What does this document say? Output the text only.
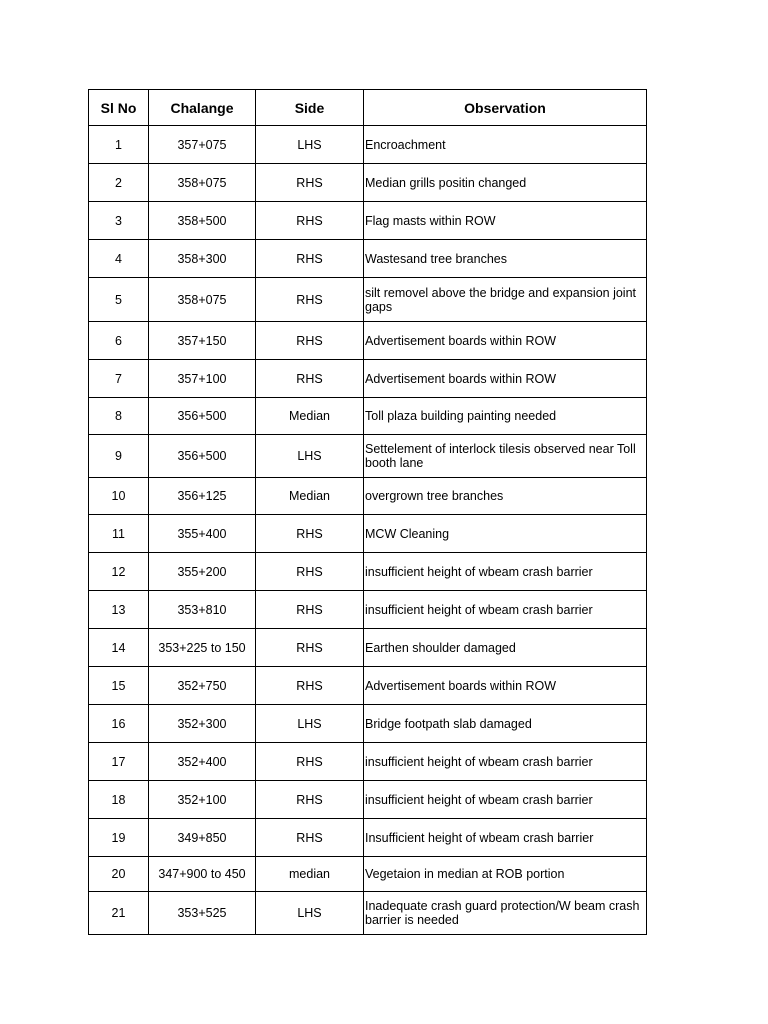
Sl No	Chalange	Side	Observation
1	357+075	LHS	Encroachment
2	358+075	RHS	Median grills positin changed
3	358+500	RHS	Flag masts within ROW
4	358+300	RHS	Wastesand tree branches
5	358+075	RHS	silt removel above the bridge and expansion joint gaps
6	357+150	RHS	Advertisement boards within ROW
7	357+100	RHS	Advertisement boards within ROW
8	356+500	Median	Toll plaza building painting needed
9	356+500	LHS	Settelement of interlock tilesis observed near Toll booth lane
10	356+125	Median	overgrown tree branches
11	355+400	RHS	MCW Cleaning
12	355+200	RHS	insufficient height of wbeam crash barrier
13	353+810	RHS	insufficient height of wbeam crash barrier
14	353+225 to 150	RHS	Earthen shoulder damaged
15	352+750	RHS	Advertisement boards within ROW
16	352+300	LHS	Bridge footpath slab damaged
17	352+400	RHS	insufficient height of wbeam crash barrier
18	352+100	RHS	insufficient height of wbeam crash barrier
19	349+850	RHS	Insufficient height of wbeam crash barrier
20	347+900 to 450	median	Vegetaion in median at ROB portion
21	353+525	LHS	Inadequate crash guard protection/W beam crash barrier is needed
